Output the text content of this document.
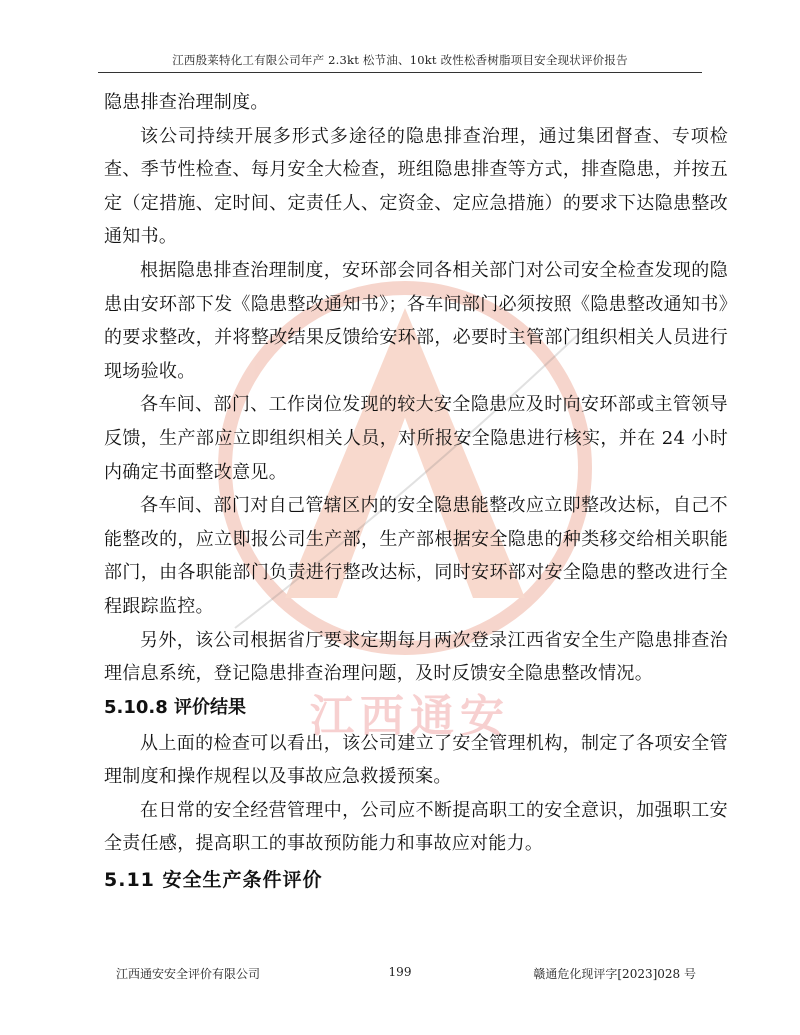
江西殷莱特化工有限公司年产 2.3kt 松节油、10kt 改性松香树脂项目安全现状评价报告
江西通安

隐患排查治理制度。

该公司持续开展多形式多途径的隐患排查治理，通过集团督查、专项检查、季节性检查、每月安全大检查，班组隐患排查等方式，排查隐患，并按五定（定措施、定时间、定责任人、定资金、定应急措施）的要求下达隐患整改通知书。

根据隐患排查治理制度，安环部会同各相关部门对公司安全检查发现的隐患由安环部下发《隐患整改通知书》；各车间部门必须按照《隐患整改通知书》的要求整改，并将整改结果反馈给安环部，必要时主管部门组织相关人员进行现场验收。

各车间、部门、工作岗位发现的较大安全隐患应及时向安环部或主管领导反馈，生产部应立即组织相关人员，对所报安全隐患进行核实，并在 24 小时内确定书面整改意见。

各车间、部门对自己管辖区内的安全隐患能整改应立即整改达标，自己不能整改的，应立即报公司生产部，生产部根据安全隐患的种类移交给相关职能部门，由各职能部门负责进行整改达标，同时安环部对安全隐患的整改进行全程跟踪监控。

另外，该公司根据省厅要求定期每月两次登录江西省安全生产隐患排查治理信息系统，登记隐患排查治理问题，及时反馈安全隐患整改情况。

5.10.8 评价结果

从上面的检查可以看出，该公司建立了安全管理机构，制定了各项安全管理制度和操作规程以及事故应急救援预案。

在日常的安全经营管理中，公司应不断提高职工的安全意识，加强职工安全责任感，提高职工的事故预防能力和事故应对能力。

5.11 安全生产条件评价
江西通安安全评价有限公司	199	赣通危化现评字[2023]028 号
